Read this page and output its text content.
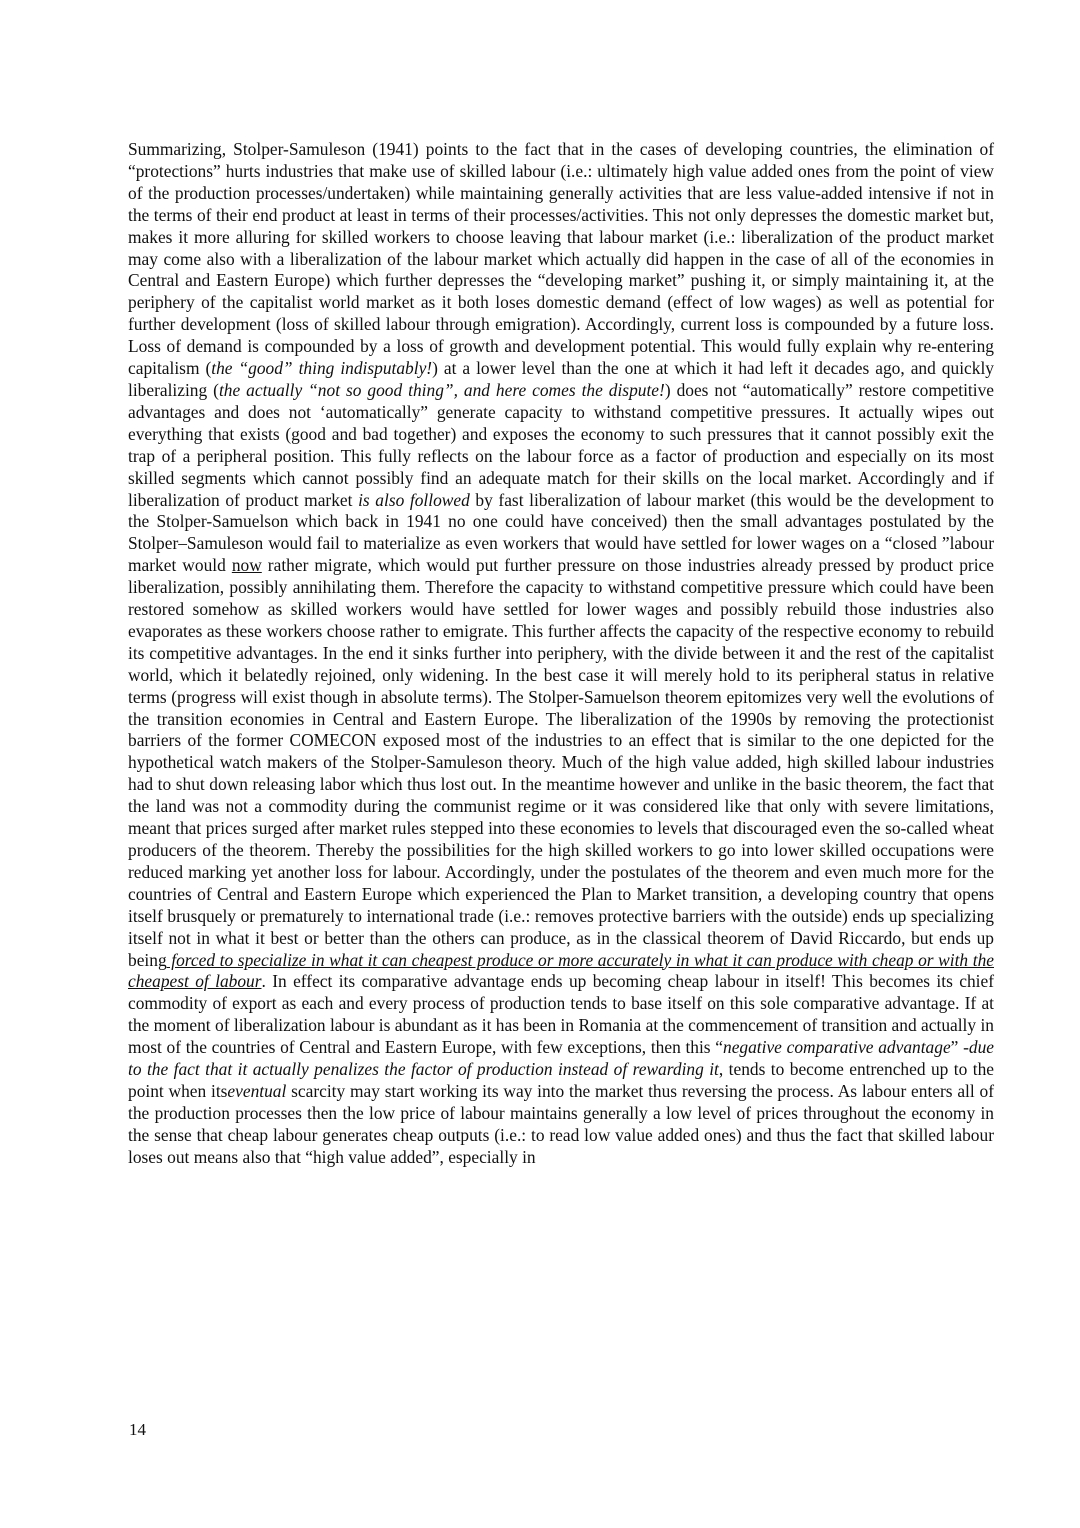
Summarizing, Stolper-Samuleson (1941) points to the fact that in the cases of developing countries, the elimination of “protections” hurts industries that make use of skilled labour (i.e.: ultimately high value added ones from the point of view of the production processes/undertaken) while maintaining generally activities that are less value-added intensive if not in the terms of their end product at least in terms of their processes/activities. This not only depresses the domestic market but, makes it more alluring for skilled workers to choose leaving that labour market (i.e.: liberalization of the product market may come also with a liberalization of the labour market which actually did happen in the case of all of the economies in Central and Eastern Europe) which further depresses the “developing market” pushing it, or simply maintaining it, at the periphery of the capitalist world market as it both loses domestic demand (effect of low wages) as well as potential for further development (loss of skilled labour through emigration). Accordingly, current loss is compounded by a future loss. Loss of demand is compounded by a loss of growth and development potential. This would fully explain why re-entering capitalism (the “good” thing indisputably!) at a lower level than the one at which it had left it decades ago, and quickly liberalizing (the actually “not so good thing”, and here comes the dispute!) does not “automatically” restore competitive advantages and does not ‘automatically” generate capacity to withstand competitive pressures. It actually wipes out everything that exists (good and bad together) and exposes the economy to such pressures that it cannot possibly exit the trap of a peripheral position. This fully reflects on the labour force as a factor of production and especially on its most skilled segments which cannot possibly find an adequate match for their skills on the local market. Accordingly and if liberalization of product market is also followed by fast liberalization of labour market (this would be the development to the Stolper-Samuelson which back in 1941 no one could have conceived) then the small advantages postulated by the Stolper–Samuleson would fail to materialize as even workers that would have settled for lower wages on a “closed ”labour market would now rather migrate, which would put further pressure on those industries already pressed by product price liberalization, possibly annihilating them. Therefore the capacity to withstand competitive pressure which could have been restored somehow as skilled workers would have settled for lower wages and possibly rebuild those industries also evaporates as these workers choose rather to emigrate. This further affects the capacity of the respective economy to rebuild its competitive advantages. In the end it sinks further into periphery, with the divide between it and the rest of the capitalist world, which it belatedly rejoined, only widening. In the best case it will merely hold to its peripheral status in relative terms (progress will exist though in absolute terms). The Stolper-Samuelson theorem epitomizes very well the evolutions of the transition economies in Central and Eastern Europe. The liberalization of the 1990s by removing the protectionist barriers of the former COMECON exposed most of the industries to an effect that is similar to the one depicted for the hypothetical watch makers of the Stolper-Samuleson theory. Much of the high value added, high skilled labour industries had to shut down releasing labor which thus lost out. In the meantime however and unlike in the basic theorem, the fact that the land was not a commodity during the communist regime or it was considered like that only with severe limitations, meant that prices surged after market rules stepped into these economies to levels that discouraged even the so-called wheat producers of the theorem. Thereby the possibilities for the high skilled workers to go into lower skilled occupations were reduced marking yet another loss for labour. Accordingly, under the postulates of the theorem and even much more for the countries of Central and Eastern Europe which experienced the Plan to Market transition, a developing country that opens itself brusquely or prematurely to international trade (i.e.: removes protective barriers with the outside) ends up specializing itself not in what it best or better than the others can produce, as in the classical theorem of David Riccardo, but ends up being forced to specialize in what it can cheapest produce or more accurately in what it can produce with cheap or with the cheapest of labour. In effect its comparative advantage ends up becoming cheap labour in itself! This becomes its chief commodity of export as each and every process of production tends to base itself on this sole comparative advantage. If at the moment of liberalization labour is abundant as it has been in Romania at the commencement of transition and actually in most of the countries of Central and Eastern Europe, with few exceptions, then this “negative comparative advantage” -due to the fact that it actually penalizes the factor of production instead of rewarding it, tends to become entrenched up to the point when itseventual scarcity may start working its way into the market thus reversing the process. As labour enters all of the production processes then the low price of labour maintains generally a low level of prices throughout the economy in the sense that cheap labour generates cheap outputs (i.e.: to read low value added ones) and thus the fact that skilled labour loses out means also that “high value added”, especially in

14
